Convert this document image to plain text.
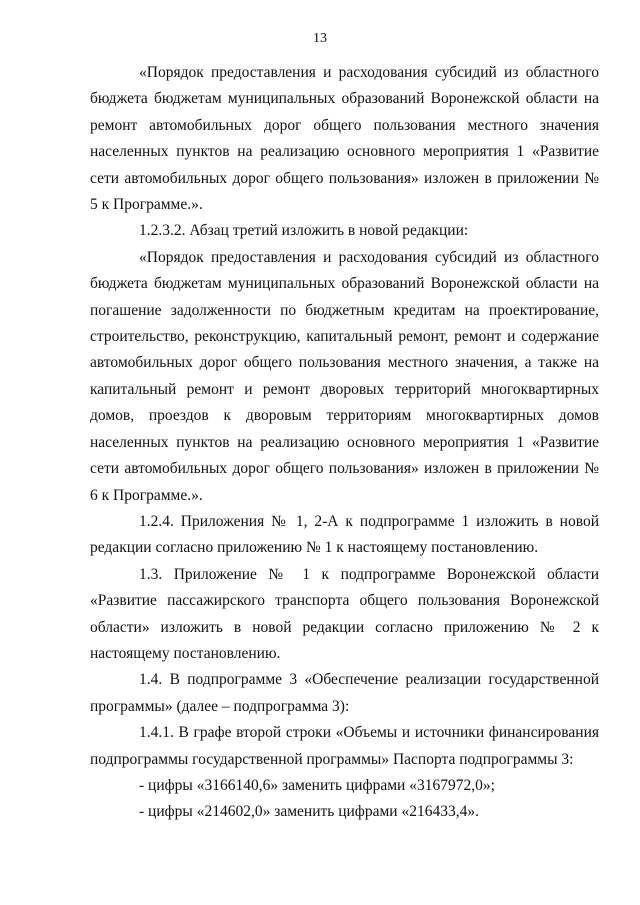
13

«Порядок предоставления и расходования субсидий из областного бюджета бюджетам муниципальных образований Воронежской области на ремонт автомобильных дорог общего пользования местного значения населенных пунктов на реализацию основного мероприятия 1 «Развитие сети автомобильных дорог общего пользования» изложен в приложении № 5 к Программе.».

1.2.3.2. Абзац третий изложить в новой редакции:

«Порядок предоставления и расходования субсидий из областного бюджета бюджетам муниципальных образований Воронежской области на погашение задолженности по бюджетным кредитам на проектирование, строительство, реконструкцию, капитальный ремонт, ремонт и содержание автомобильных дорог общего пользования местного значения, а также на капитальный ремонт и ремонт дворовых территорий многоквартирных домов, проездов к дворовым территориям многоквартирных домов населенных пунктов на реализацию основного мероприятия 1 «Развитие сети автомобильных дорог общего пользования» изложен в приложении № 6 к Программе.».

1.2.4. Приложения № 1, 2-А к подпрограмме 1 изложить в новой редакции согласно приложению № 1 к настоящему постановлению.

1.3. Приложение № 1 к подпрограмме Воронежской области «Развитие пассажирского транспорта общего пользования Воронежской области» изложить в новой редакции согласно приложению № 2 к настоящему постановлению.

1.4. В подпрограмме 3 «Обеспечение реализации государственной программы» (далее – подпрограмма 3):

1.4.1. В графе второй строки «Объемы и источники финансирования подпрограммы государственной программы» Паспорта подпрограммы 3:

- цифры «3166140,6» заменить цифрами «3167972,0»;

- цифры «214602,0» заменить цифрами «216433,4».
